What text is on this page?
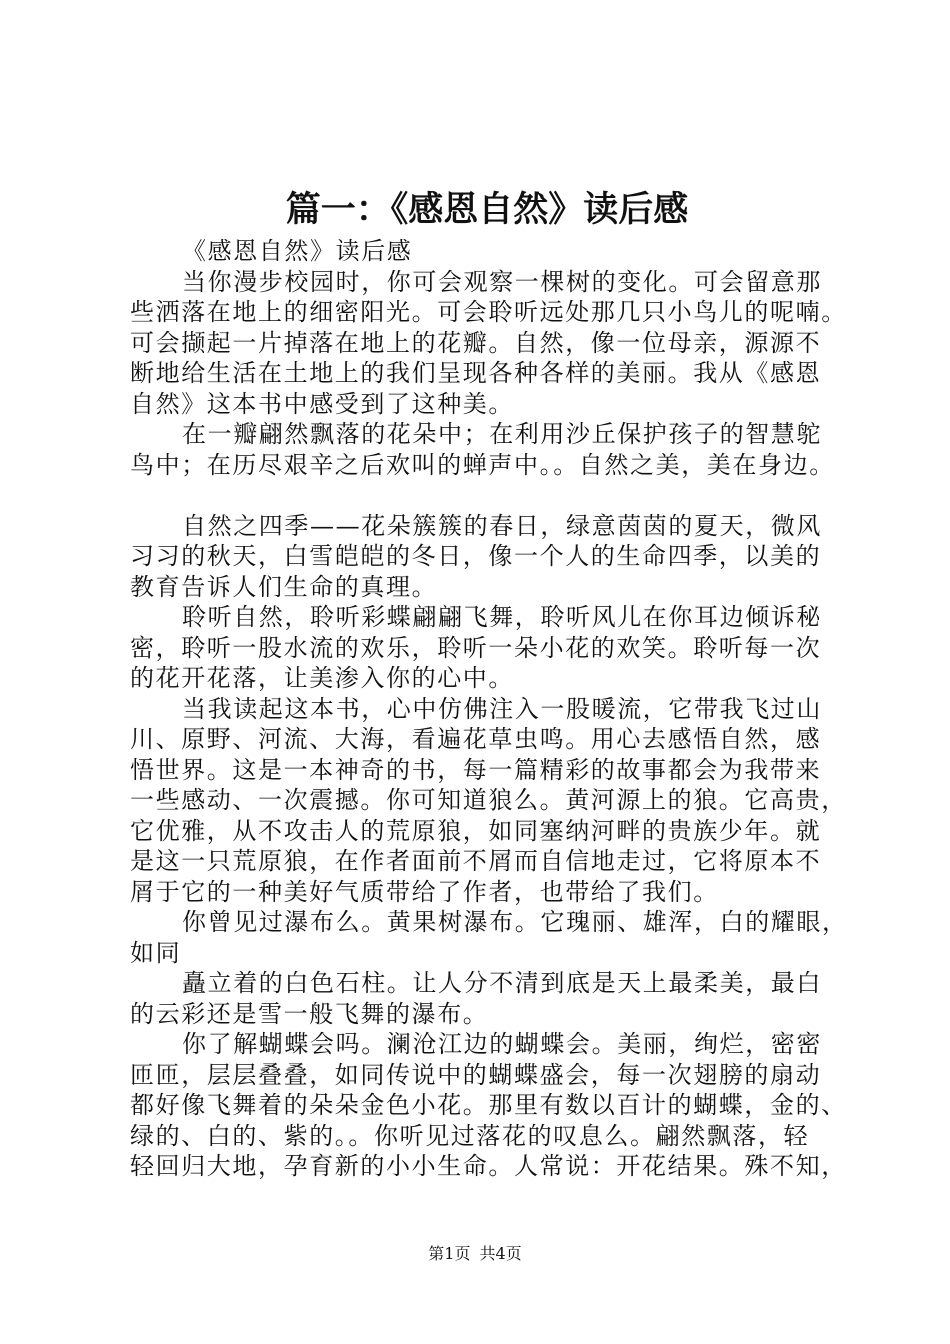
篇一：《感恩自然》读后感
《感恩自然》读后感
当你漫步校园时，你可会观察一棵树的变化。可会留意那
些洒落在地上的细密阳光。可会聆听远处那几只小鸟儿的呢喃。
可会撷起一片掉落在地上的花瓣。自然，像一位母亲，源源不
断地给生活在土地上的我们呈现各种各样的美丽。我从《感恩
自然》这本书中感受到了这种美。
在一瓣翩然飘落的花朵中；在利用沙丘保护孩子的智慧鸵
鸟中；在历尽艰辛之后欢叫的蝉声中。。自然之美，美在身边。
自然之四季——花朵簇簇的春日，绿意茵茵的夏天，微风
习习的秋天，白雪皑皑的冬日，像一个人的生命四季，以美的
教育告诉人们生命的真理。
聆听自然，聆听彩蝶翩翩飞舞，聆听风儿在你耳边倾诉秘
密，聆听一股水流的欢乐，聆听一朵小花的欢笑。聆听每一次
的花开花落，让美渗入你的心中。
当我读起这本书，心中仿佛注入一股暖流，它带我飞过山
川、原野、河流、大海，看遍花草虫鸣。用心去感悟自然，感
悟世界。这是一本神奇的书，每一篇精彩的故事都会为我带来
一些感动、一次震撼。你可知道狼么。黄河源上的狼。它高贵，
它优雅，从不攻击人的荒原狼，如同塞纳河畔的贵族少年。就
是这一只荒原狼，在作者面前不屑而自信地走过，它将原本不
屑于它的一种美好气质带给了作者，也带给了我们。
你曾见过瀑布么。黄果树瀑布。它瑰丽、雄浑，白的耀眼，
如同
矗立着的白色石柱。让人分不清到底是天上最柔美，最白
的云彩还是雪一般飞舞的瀑布。
你了解蝴蝶会吗。澜沧江边的蝴蝶会。美丽，绚烂，密密
匝匝，层层叠叠，如同传说中的蝴蝶盛会，每一次翅膀的扇动
都好像飞舞着的朵朵金色小花。那里有数以百计的蝴蝶，金的、
绿的、白的、紫的。。你听见过落花的叹息么。翩然飘落，轻
轻回归大地，孕育新的小小生命。人常说：开花结果。殊不知，
第1页 共4页
